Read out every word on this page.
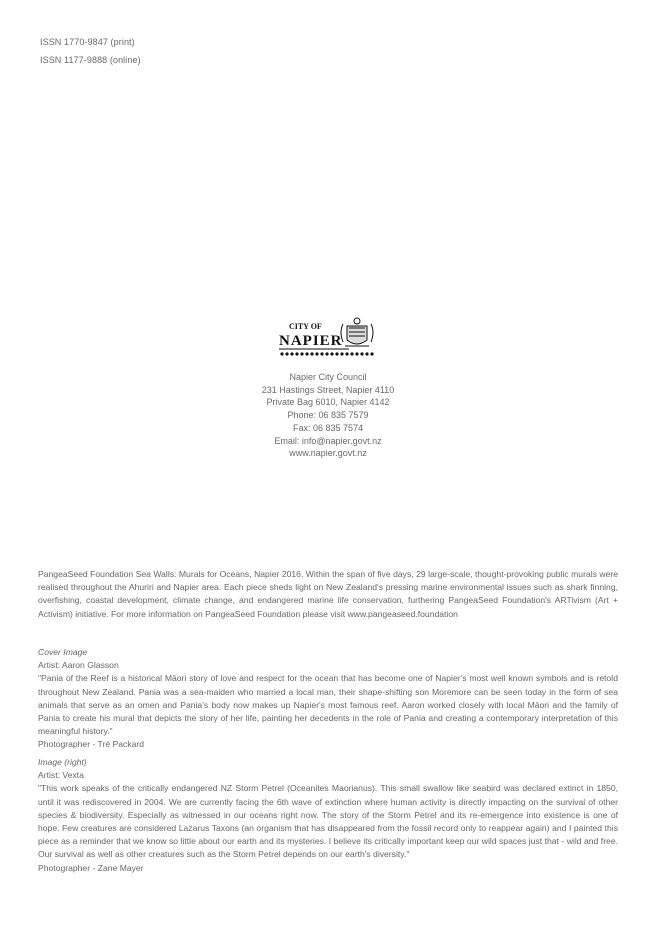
ISSN 1770-9847 (print)
ISSN 1177-9888 (online)
CITY OF
NAPIER
Napier City Council
231 Hastings Street, Napier 4110
Private Bag 6010, Napier 4142
Phone: 06 835 7579
Fax: 06 835 7574
Email: info@napier.govt.nz
www.napier.govt.nz

PangeaSeed Foundation Sea Walls: Murals for Oceans, Napier 2016. Within the span of five days, 29 large-scale, thought-provoking public murals were realised throughout the Ahuriri and Napier area. Each piece sheds light on New Zealand's pressing marine environmental issues such as shark finning, overfishing, coastal development, climate change, and endangered marine life conservation, furthering PangeaSeed Foundation's ARTivism (Art + Activism) initiative. For more information on PangeaSeed Foundation please visit www.pangeaseed.foundation

Cover Image

Artist: Aaron Glasson

"Pania of the Reef is a historical Māori story of love and respect for the ocean that has become one of Napier's most well known symbols and is retold throughout New Zealand. Pania was a sea-maiden who married a local man, their shape-shifting son Moremore can be seen today in the form of sea animals that serve as an omen and Pania's body now makes up Napier's most famous reef. Aaron worked closely with local Māori and the family of Pania to create his mural that depicts the story of her life, painting her decedents in the role of Pania and creating a contemporary interpretation of this meaningful history."

Photographer - Tré Packard

Image (right)

Artist: Vexta

"This work speaks of the critically endangered NZ Storm Petrel (Oceanites Maorianus). This small swallow like seabird was declared extinct in 1850, until it was rediscovered in 2004. We are currently facing the 6th wave of extinction where human activity is directly impacting on the survival of other species & biodiversity. Especially as witnessed in our oceans right now. The story of the Storm Petrel and its re-emergence into existence is one of hope. Few creatures are considered Lazarus Taxons (an organism that has disappeared from the fossil record only to reappear again) and I painted this piece as a reminder that we know so little about our earth and its mysteries. I believe its critically important keep our wild spaces just that - wild and free. Our survival as well as other creatures such as the Storm Petrel depends on our earth's diversity."

Photographer - Zane Mayer
